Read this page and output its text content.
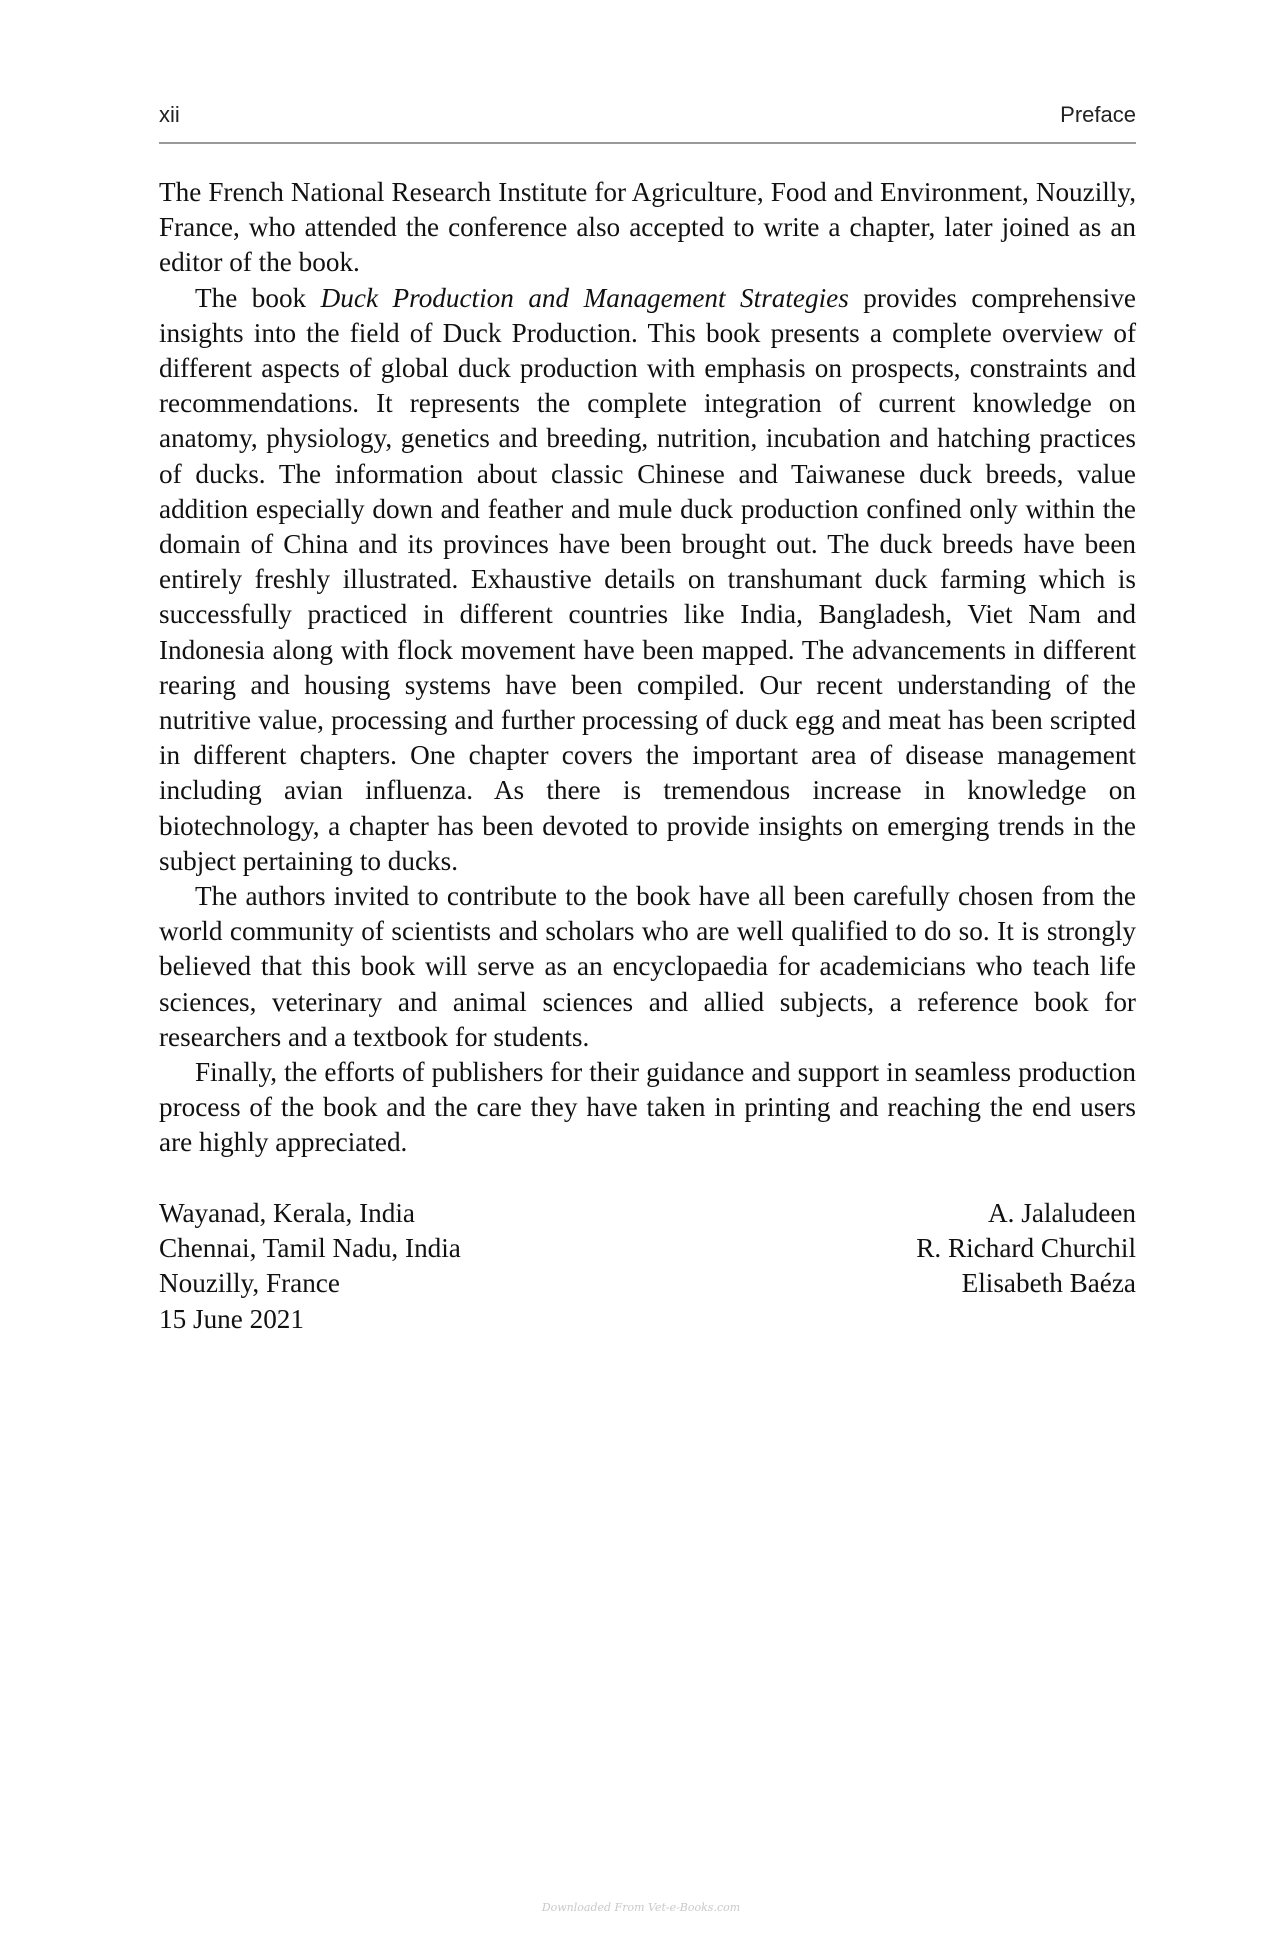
xii	Preface

The French National Research Institute for Agriculture, Food and Environment, Nouzilly, France, who attended the conference also accepted to write a chapter, later joined as an editor of the book.

The book Duck Production and Management Strategies provides comprehensive insights into the field of Duck Production. This book presents a complete overview of different aspects of global duck production with emphasis on prospects, constraints and recommendations. It represents the complete integration of current knowledge on anatomy, physiology, genetics and breeding, nutrition, incubation and hatching practices of ducks. The information about classic Chinese and Taiwanese duck breeds, value addition especially down and feather and mule duck production confined only within the domain of China and its provinces have been brought out. The duck breeds have been entirely freshly illustrated. Exhaustive details on transhumant duck farming which is successfully practiced in different countries like India, Bangladesh, Viet Nam and Indonesia along with flock movement have been mapped. The advancements in different rearing and housing systems have been compiled. Our recent understanding of the nutritive value, processing and further processing of duck egg and meat has been scripted in different chapters. One chapter covers the important area of disease management including avian influenza. As there is tremendous increase in knowledge on biotechnology, a chapter has been devoted to provide insights on emerging trends in the subject pertaining to ducks.

The authors invited to contribute to the book have all been carefully chosen from the world community of scientists and scholars who are well qualified to do so. It is strongly believed that this book will serve as an encyclopaedia for academicians who teach life sciences, veterinary and animal sciences and allied subjects, a reference book for researchers and a textbook for students.

Finally, the efforts of publishers for their guidance and support in seamless production process of the book and the care they have taken in printing and reaching the end users are highly appreciated.

Wayanad, Kerala, India
Chennai, Tamil Nadu, India
Nouzilly, France
15 June 2021
A. Jalaludeen
R. Richard Churchil
Elisabeth Baéza
Downloaded From Vet-e-Books.com
